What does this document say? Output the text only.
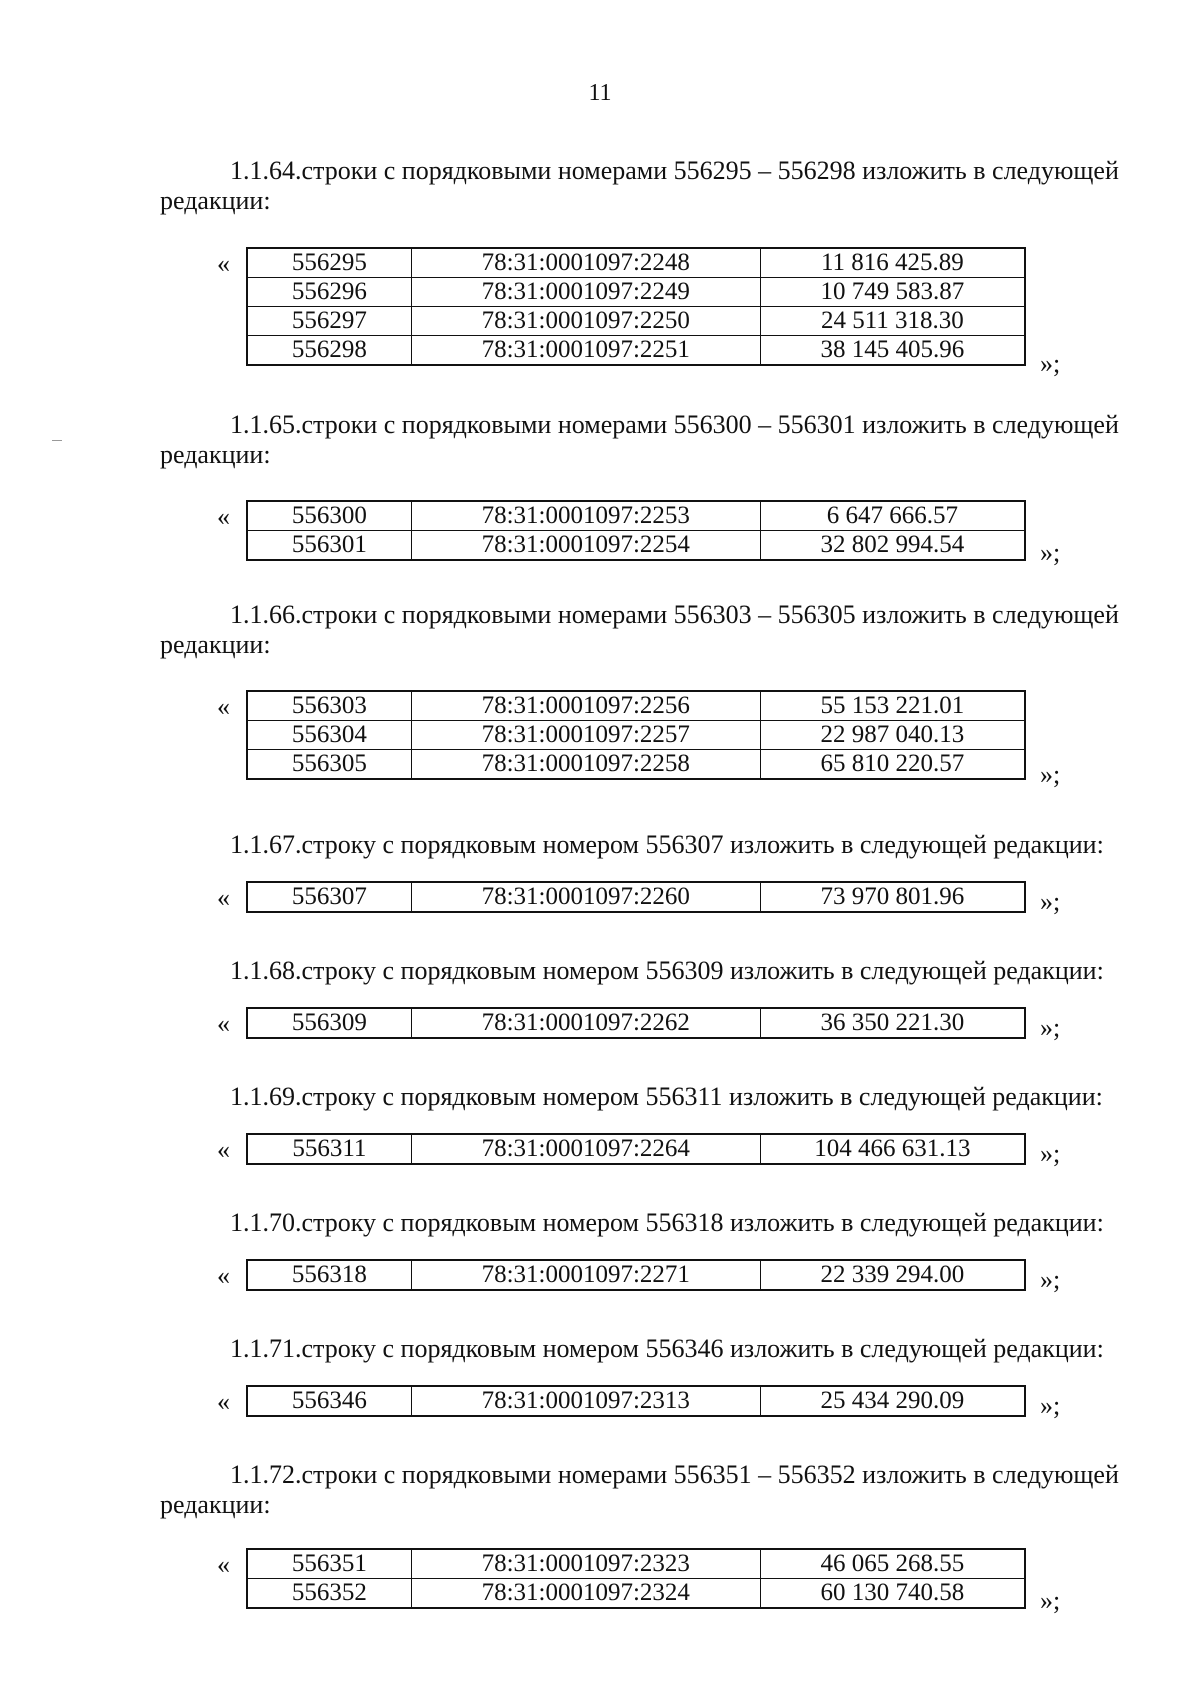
11
1.1.64.строки с порядковыми номерами 556295 – 556298 изложить в следующей
редакции:
« 556295	78:31:0001097:2248	11 816 425.89
556296	78:31:0001097:2249	10 749 583.87
556297	78:31:0001097:2250	24 511 318.30
556298	78:31:0001097:2251	38 145 405.96	»;
1.1.65.строки с порядковыми номерами 556300 – 556301 изложить в следующей
редакции:
« 556300	78:31:0001097:2253	6 647 666.57
556301	78:31:0001097:2254	32 802 994.54	»;
1.1.66.строки с порядковыми номерами 556303 – 556305 изложить в следующей
редакции:
« 556303	78:31:0001097:2256	55 153 221.01
556304	78:31:0001097:2257	22 987 040.13
556305	78:31:0001097:2258	65 810 220.57	»;
1.1.67.строку с порядковым номером 556307 изложить в следующей редакции:
« 556307	78:31:0001097:2260	73 970 801.96	»;
1.1.68.строку с порядковым номером 556309 изложить в следующей редакции:
« 556309	78:31:0001097:2262	36 350 221.30	»;
1.1.69.строку с порядковым номером 556311 изложить в следующей редакции:
« 556311	78:31:0001097:2264	104 466 631.13	»;
1.1.70.строку с порядковым номером 556318 изложить в следующей редакции:
« 556318	78:31:0001097:2271	22 339 294.00	»;
1.1.71.строку с порядковым номером 556346 изложить в следующей редакции:
« 556346	78:31:0001097:2313	25 434 290.09	»;
1.1.72.строки с порядковыми номерами 556351 – 556352 изложить в следующей
редакции:
« 556351	78:31:0001097:2323	46 065 268.55
556352	78:31:0001097:2324	60 130 740.58	»;
